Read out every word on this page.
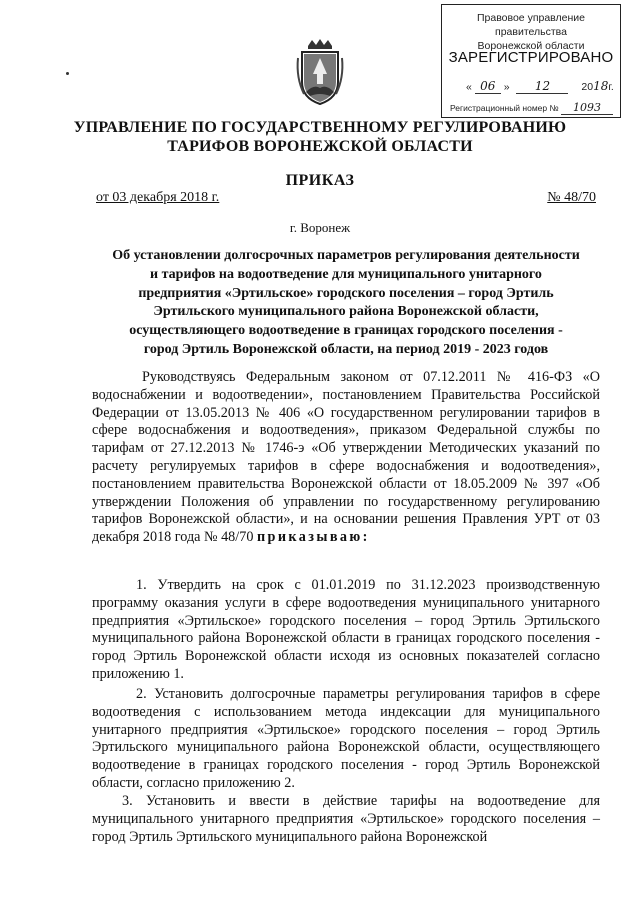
Правовое управление правительства
Воронежской области
ЗАРЕГИСТРИРОВАНО
« 06 » 12	2018г.
Регистрационный номер № 1093
УПРАВЛЕНИЕ ПО ГОСУДАРСТВЕННОМУ РЕГУЛИРОВАНИЮ
ТАРИФОВ ВОРОНЕЖСКОЙ ОБЛАСТИ
ПРИКАЗ
от 03 декабря 2018 г.	№ 48/70
г. Воронеж
Об установлении долгосрочных параметров регулирования деятельности
и тарифов на водоотведение для муниципального унитарного
предприятия «Эртильское» городского поселения – город Эртиль
Эртильского муниципального района Воронежской области,
осуществляющего водоотведение в границах городского поселения -
город Эртиль Воронежской области, на период 2019 - 2023 годов

Руководствуясь Федеральным законом от 07.12.2011 № 416-ФЗ «О водоснабжении и водоотведении», постановлением Правительства Российской Федерации от 13.05.2013 № 406 «О государственном регулировании тарифов в сфере водоснабжения и водоотведения», приказом Федеральной службы по тарифам от 27.12.2013 № 1746-э «Об утверждении Методических указаний по расчету регулируемых тарифов в сфере водоснабжения и водоотведения», постановлением правительства Воронежской области от 18.05.2009 № 397 «Об утверждении Положения об управлении по государственному регулированию тарифов Воронежской области», и на основании решения Правления УРТ от 03 декабря 2018 года № 48/70 приказываю:

1. Утвердить на срок с 01.01.2019 по 31.12.2023 производственную программу оказания услуги в сфере водоотведения муниципального унитарного предприятия «Эртильское» городского поселения – город Эртиль Эртильского муниципального района Воронежской области в границах городского поселения - город Эртиль Воронежской области исходя из основных показателей согласно приложению 1.

2. Установить долгосрочные параметры регулирования тарифов в сфере водоотведения с использованием метода индексации для муниципального унитарного предприятия «Эртильское» городского поселения – город Эртиль Эртильского муниципального района Воронежской области, осуществляющего водоотведение в границах городского поселения - город Эртиль Воронежской области, согласно приложению 2.

3. Установить и ввести в действие тарифы на водоотведение для муниципального унитарного предприятия «Эртильское» городского поселения – город Эртиль Эртильского муниципального района Воронежской
